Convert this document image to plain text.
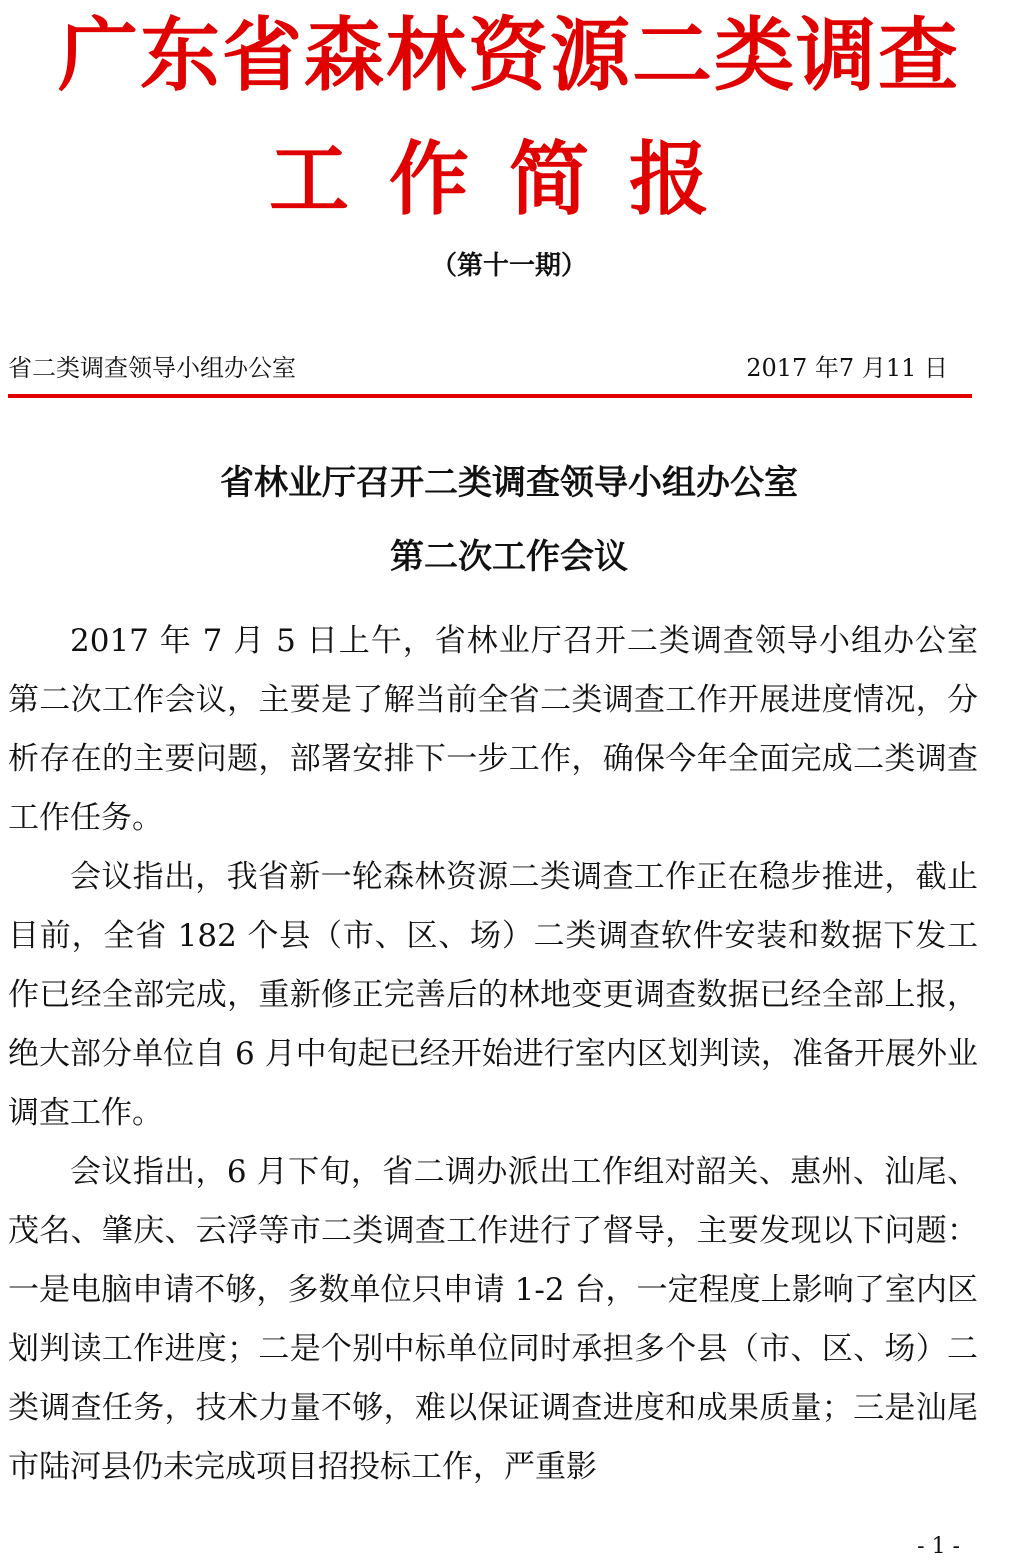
广东省森林资源二类调查
工作简报
（第十一期）
省二类调查领导小组办公室	2017 年7 月11 日
省林业厅召开二类调查领导小组办公室
第二次工作会议

2017 年 7 月 5 日上午，省林业厅召开二类调查领导小组办公室第二次工作会议，主要是了解当前全省二类调查工作开展进度情况，分析存在的主要问题，部署安排下一步工作，确保今年全面完成二类调查工作任务。

会议指出，我省新一轮森林资源二类调查工作正在稳步推进，截止目前，全省 182 个县（市、区、场）二类调查软件安装和数据下发工作已经全部完成，重新修正完善后的林地变更调查数据已经全部上报，绝大部分单位自 6 月中旬起已经开始进行室内区划判读，准备开展外业调查工作。

会议指出，6 月下旬，省二调办派出工作组对韶关、惠州、汕尾、茂名、肇庆、云浮等市二类调查工作进行了督导，主要发现以下问题：一是电脑申请不够，多数单位只申请 1-2 台，一定程度上影响了室内区划判读工作进度；二是个别中标单位同时承担多个县（市、区、场）二类调查任务，技术力量不够，难以保证调查进度和成果质量；三是汕尾市陆河县仍未完成项目招投标工作，严重影

- 1 -
